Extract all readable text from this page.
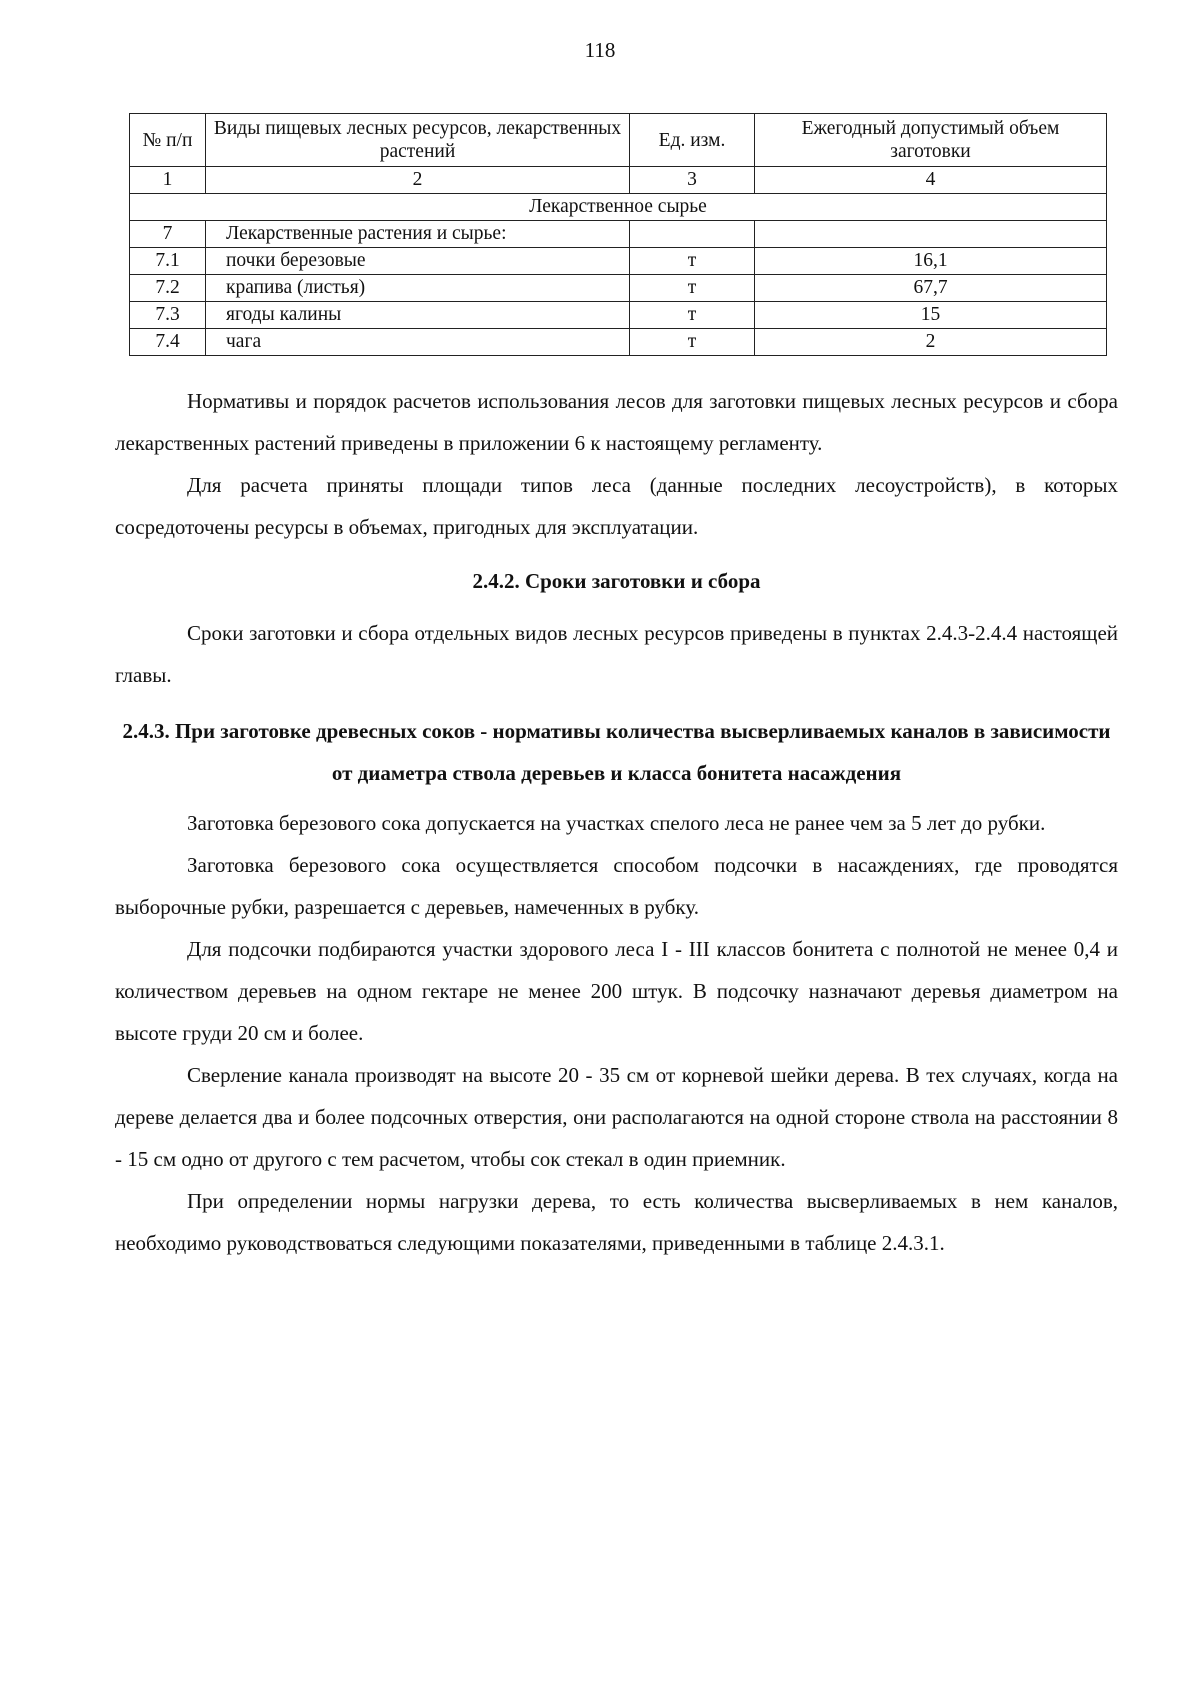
118
№ п/п	Виды пищевых лесных ресурсов, лекарственных растений	Ед. изм.	Ежегодный допустимый объем заготовки
1	2	3	4
Лекарственное сырье			
7	Лекарственные растения и сырье:		
7.1	почки березовые	т	16,1
7.2	крапива (листья)	т	67,7
7.3	ягоды калины	т	15
7.4	чага	т	2

Нормативы и порядок расчетов использования лесов для заготовки пищевых лесных ресурсов и сбора лекарственных растений приведены в приложении 6 к настоящему регламенту.

Для расчета приняты площади типов леса (данные последних лесоустройств), в которых сосредоточены ресурсы в объемах, пригодных для эксплуатации.

2.4.2. Сроки заготовки и сбора

Сроки заготовки и сбора отдельных видов лесных ресурсов приведены в пунктах 2.4.3-2.4.4 настоящей главы.

2.4.3. При заготовке древесных соков - нормативы количества высверливаемых каналов в зависимости от диаметра ствола деревьев и класса бонитета насаждения

Заготовка березового сока допускается на участках спелого леса не ранее чем за 5 лет до рубки.

Заготовка березового сока осуществляется способом подсочки в насаждениях, где проводятся выборочные рубки, разрешается с деревьев, намеченных в рубку.

Для подсочки подбираются участки здорового леса I - III классов бонитета с полнотой не менее 0,4 и количеством деревьев на одном гектаре не менее 200 штук. В подсочку назначают деревья диаметром на высоте груди 20 см и более.

Сверление канала производят на высоте 20 - 35 см от корневой шейки дерева. В тех случаях, когда на дереве делается два и более подсочных отверстия, они располагаются на одной стороне ствола на расстоянии 8 - 15 см одно от другого с тем расчетом, чтобы сок стекал в один приемник.

При определении нормы нагрузки дерева, то есть количества высверливаемых в нем каналов, необходимо руководствоваться следующими показателями, приведенными в таблице 2.4.3.1.
